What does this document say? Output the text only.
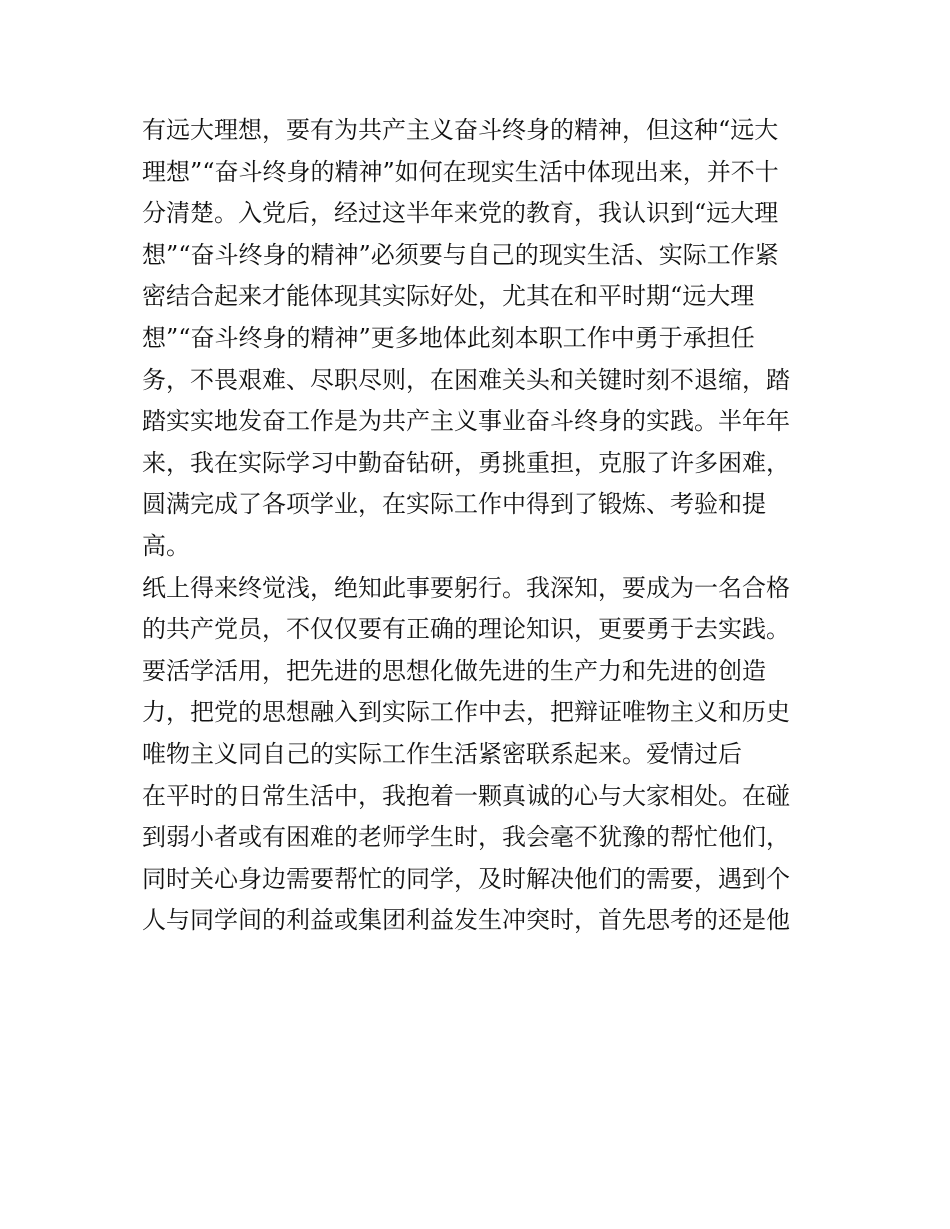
有远大理想，要有为共产主义奋斗终身的精神，但这种“远大

理想”“奋斗终身的精神”如何在现实生活中体现出来，并不十

分清楚。入党后，经过这半年来党的教育，我认识到“远大理

想”“奋斗终身的精神”必须要与自己的现实生活、实际工作紧

密结合起来才能体现其实际好处，尤其在和平时期“远大理

想”“奋斗终身的精神”更多地体此刻本职工作中勇于承担任

务，不畏艰难、尽职尽则，在困难关头和关键时刻不退缩，踏

踏实实地发奋工作是为共产主义事业奋斗终身的实践。半年年

来，我在实际学习中勤奋钻研，勇挑重担，克服了许多困难，

圆满完成了各项学业，在实际工作中得到了锻炼、考验和提

高。

纸上得来终觉浅，绝知此事要躬行。我深知，要成为一名合格

的共产党员，不仅仅要有正确的理论知识，更要勇于去实践。

要活学活用，把先进的思想化做先进的生产力和先进的创造

力，把党的思想融入到实际工作中去，把辩证唯物主义和历史

唯物主义同自己的实际工作生活紧密联系起来。爱情过后

在平时的日常生活中，我抱着一颗真诚的心与大家相处。在碰

到弱小者或有困难的老师学生时，我会毫不犹豫的帮忙他们，

同时关心身边需要帮忙的同学，及时解决他们的需要，遇到个

人与同学间的利益或集团利益发生冲突时，首先思考的还是他
